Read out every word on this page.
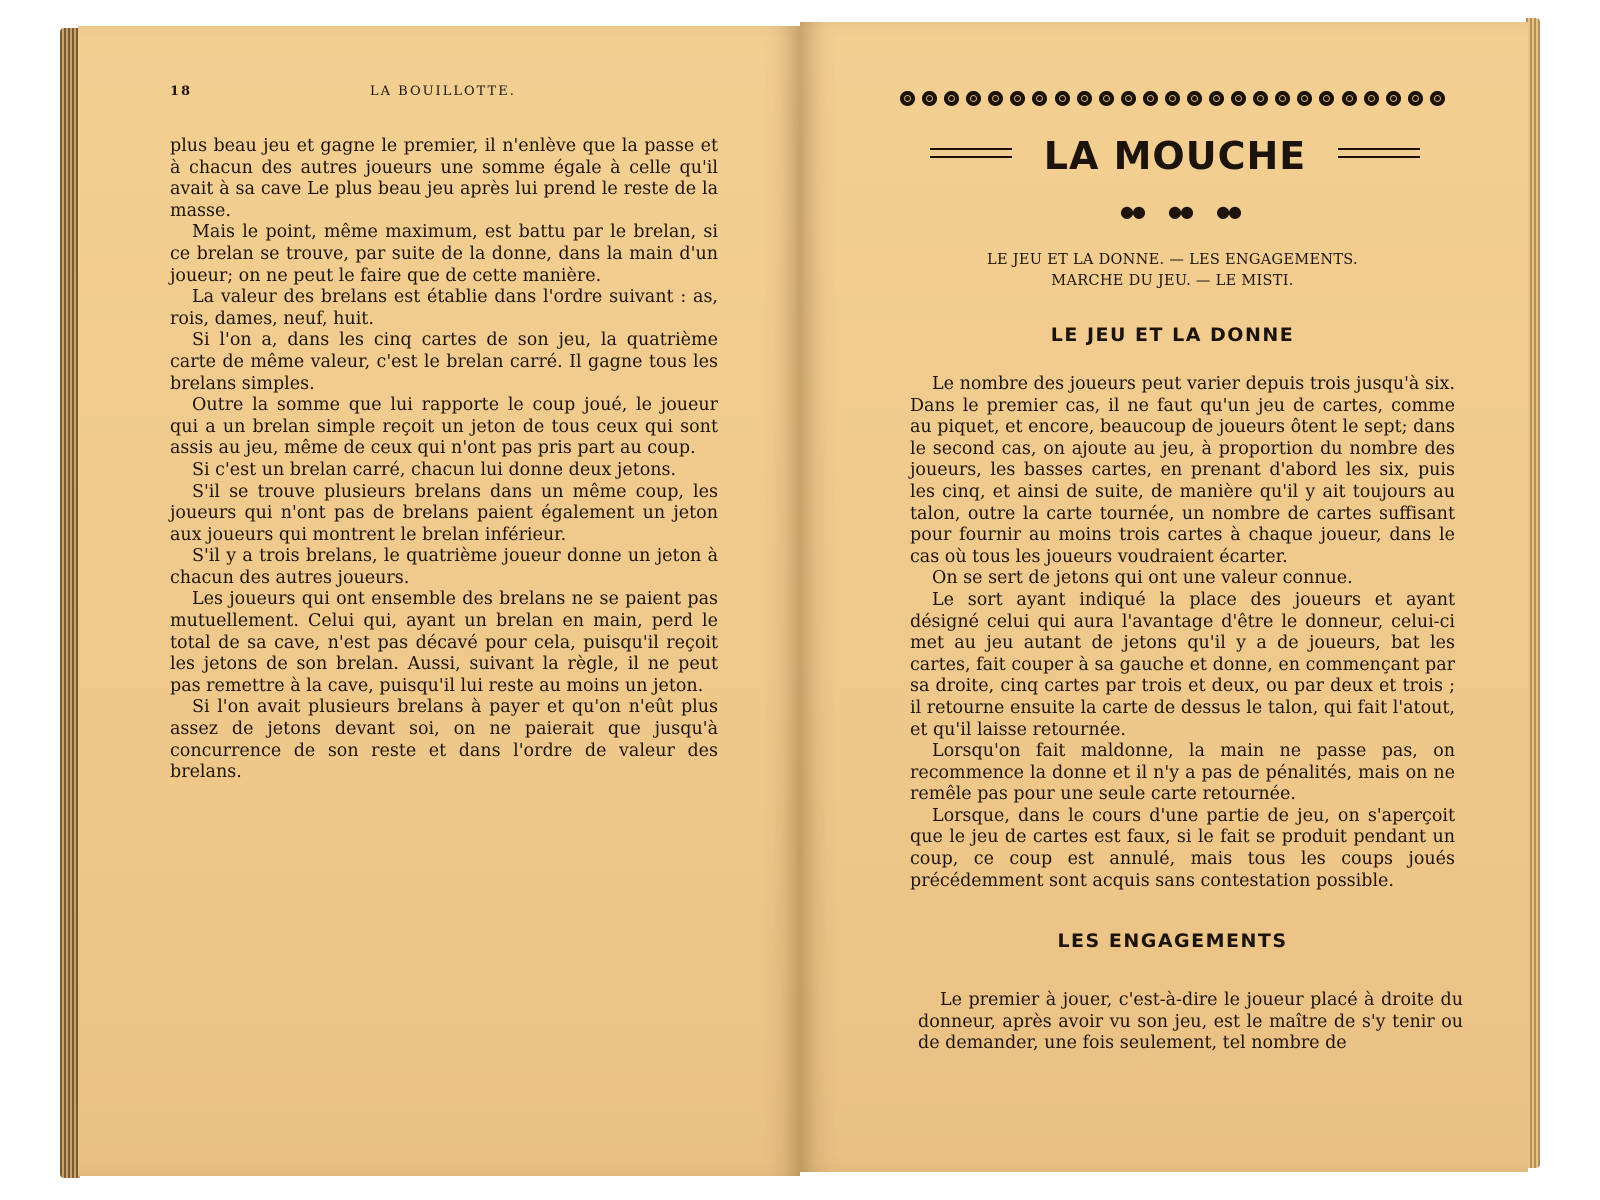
18	LA BOUILLOTTE.

plus beau jeu et gagne le premier, il n'enlève que la passe et à chacun des autres joueurs une somme égale à celle qu'il avait à sa cave Le plus beau jeu après lui prend le reste de la masse.

Mais le point, même maximum, est battu par le brelan, si ce brelan se trouve, par suite de la donne, dans la main d'un joueur; on ne peut le faire que de cette manière.

La valeur des brelans est établie dans l'ordre suivant : as, rois, dames, neuf, huit.

Si l'on a, dans les cinq cartes de son jeu, la quatrième carte de même valeur, c'est le brelan carré. Il gagne tous les brelans simples.

Outre la somme que lui rapporte le coup joué, le joueur qui a un brelan simple reçoit un jeton de tous ceux qui sont assis au jeu, même de ceux qui n'ont pas pris part au coup.

Si c'est un brelan carré, chacun lui donne deux jetons.

S'il se trouve plusieurs brelans dans un même coup, les joueurs qui n'ont pas de brelans paient également un jeton aux joueurs qui montrent le brelan inférieur.

S'il y a trois brelans, le quatrième joueur donne un jeton à chacun des autres joueurs.

Les joueurs qui ont ensemble des brelans ne se paient pas mutuellement. Celui qui, ayant un brelan en main, perd le total de sa cave, n'est pas décavé pour cela, puisqu'il reçoit les jetons de son brelan. Aussi, suivant la règle, il ne peut pas remettre à la cave, puisqu'il lui reste au moins un jeton.

Si l'on avait plusieurs brelans à payer et qu'on n'eût plus assez de jetons devant soi, on ne paierait que jusqu'à concurrence de son reste et dans l'ordre de valeur des brelans.

LA MOUCHE
●● ●● ●●
LE JEU ET LA DONNE. — LES ENGAGEMENTS.
MARCHE DU JEU. — LE MISTI.
LE JEU ET LA DONNE

Le nombre des joueurs peut varier depuis trois jusqu'à six. Dans le premier cas, il ne faut qu'un jeu de cartes, comme au piquet, et encore, beaucoup de joueurs ôtent le sept; dans le second cas, on ajoute au jeu, à proportion du nombre des joueurs, les basses cartes, en prenant d'abord les six, puis les cinq, et ainsi de suite, de manière qu'il y ait toujours au talon, outre la carte tournée, un nombre de cartes suffisant pour fournir au moins trois cartes à chaque joueur, dans le cas où tous les joueurs voudraient écarter.

On se sert de jetons qui ont une valeur connue.

Le sort ayant indiqué la place des joueurs et ayant désigné celui qui aura l'avantage d'être le donneur, celui-ci met au jeu autant de jetons qu'il y a de joueurs, bat les cartes, fait couper à sa gauche et donne, en commençant par sa droite, cinq cartes par trois et deux, ou par deux et trois ; il retourne ensuite la carte de dessus le talon, qui fait l'atout, et qu'il laisse retournée.

Lorsqu'on fait maldonne, la main ne passe pas, on recommence la donne et il n'y a pas de pénalités, mais on ne remêle pas pour une seule carte retournée.

Lorsque, dans le cours d'une partie de jeu, on s'aperçoit que le jeu de cartes est faux, si le fait se produit pendant un coup, ce coup est annulé, mais tous les coups joués précédemment sont acquis sans contestation possible.

LES ENGAGEMENTS

Le premier à jouer, c'est-à-dire le joueur placé à droite du donneur, après avoir vu son jeu, est le maître de s'y tenir ou de demander, une fois seulement, tel nombre de
